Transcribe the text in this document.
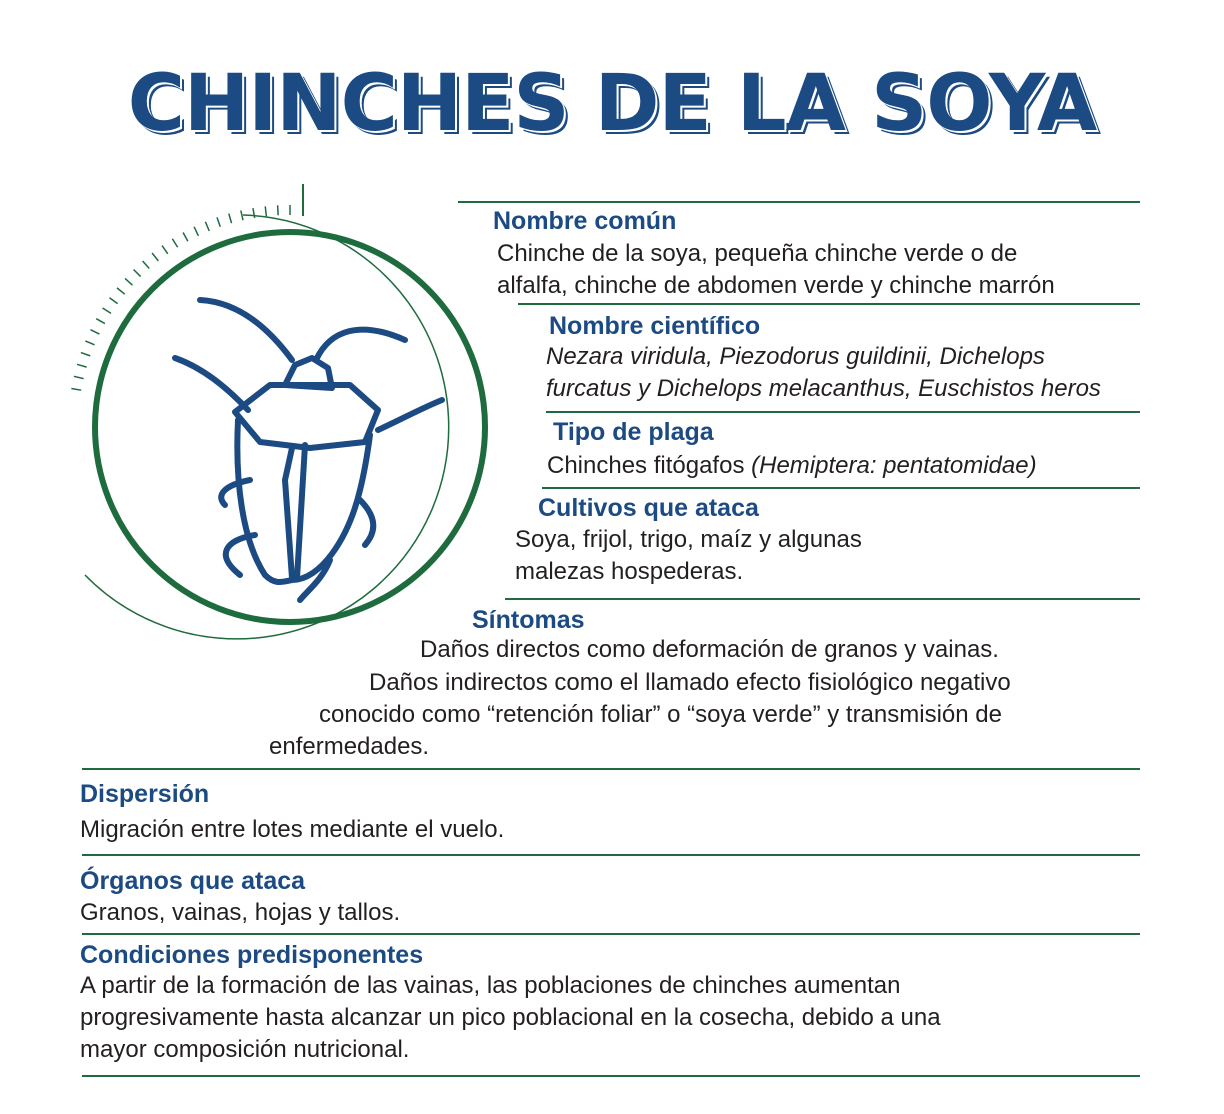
CHINCHES DE LA SOYA
Nombre común
Chinche de la soya, pequeña chinche verde o de
alfalfa, chinche de abdomen verde y chinche marrón
Nombre científico
Nezara viridula, Piezodorus guildinii, Dichelops
furcatus y Dichelops melacanthus, Euschistos heros
Tipo de plaga
Chinches fitógafos (Hemiptera: pentatomidae)
Cultivos que ataca
Soya, frijol, trigo, maíz y algunas
malezas hospederas.
Síntomas
Daños directos como deformación de granos y vainas.
Daños indirectos como el llamado efecto fisiológico negativo
conocido como “retención foliar” o “soya verde” y transmisión de
enfermedades.
Dispersión
Migración entre lotes mediante el vuelo.
Órganos que ataca
Granos, vainas, hojas y tallos.
Condiciones predisponentes
A partir de la formación de las vainas, las poblaciones de chinches aumentan
progresivamente hasta alcanzar un pico poblacional en la cosecha, debido a una
mayor composición nutricional.
